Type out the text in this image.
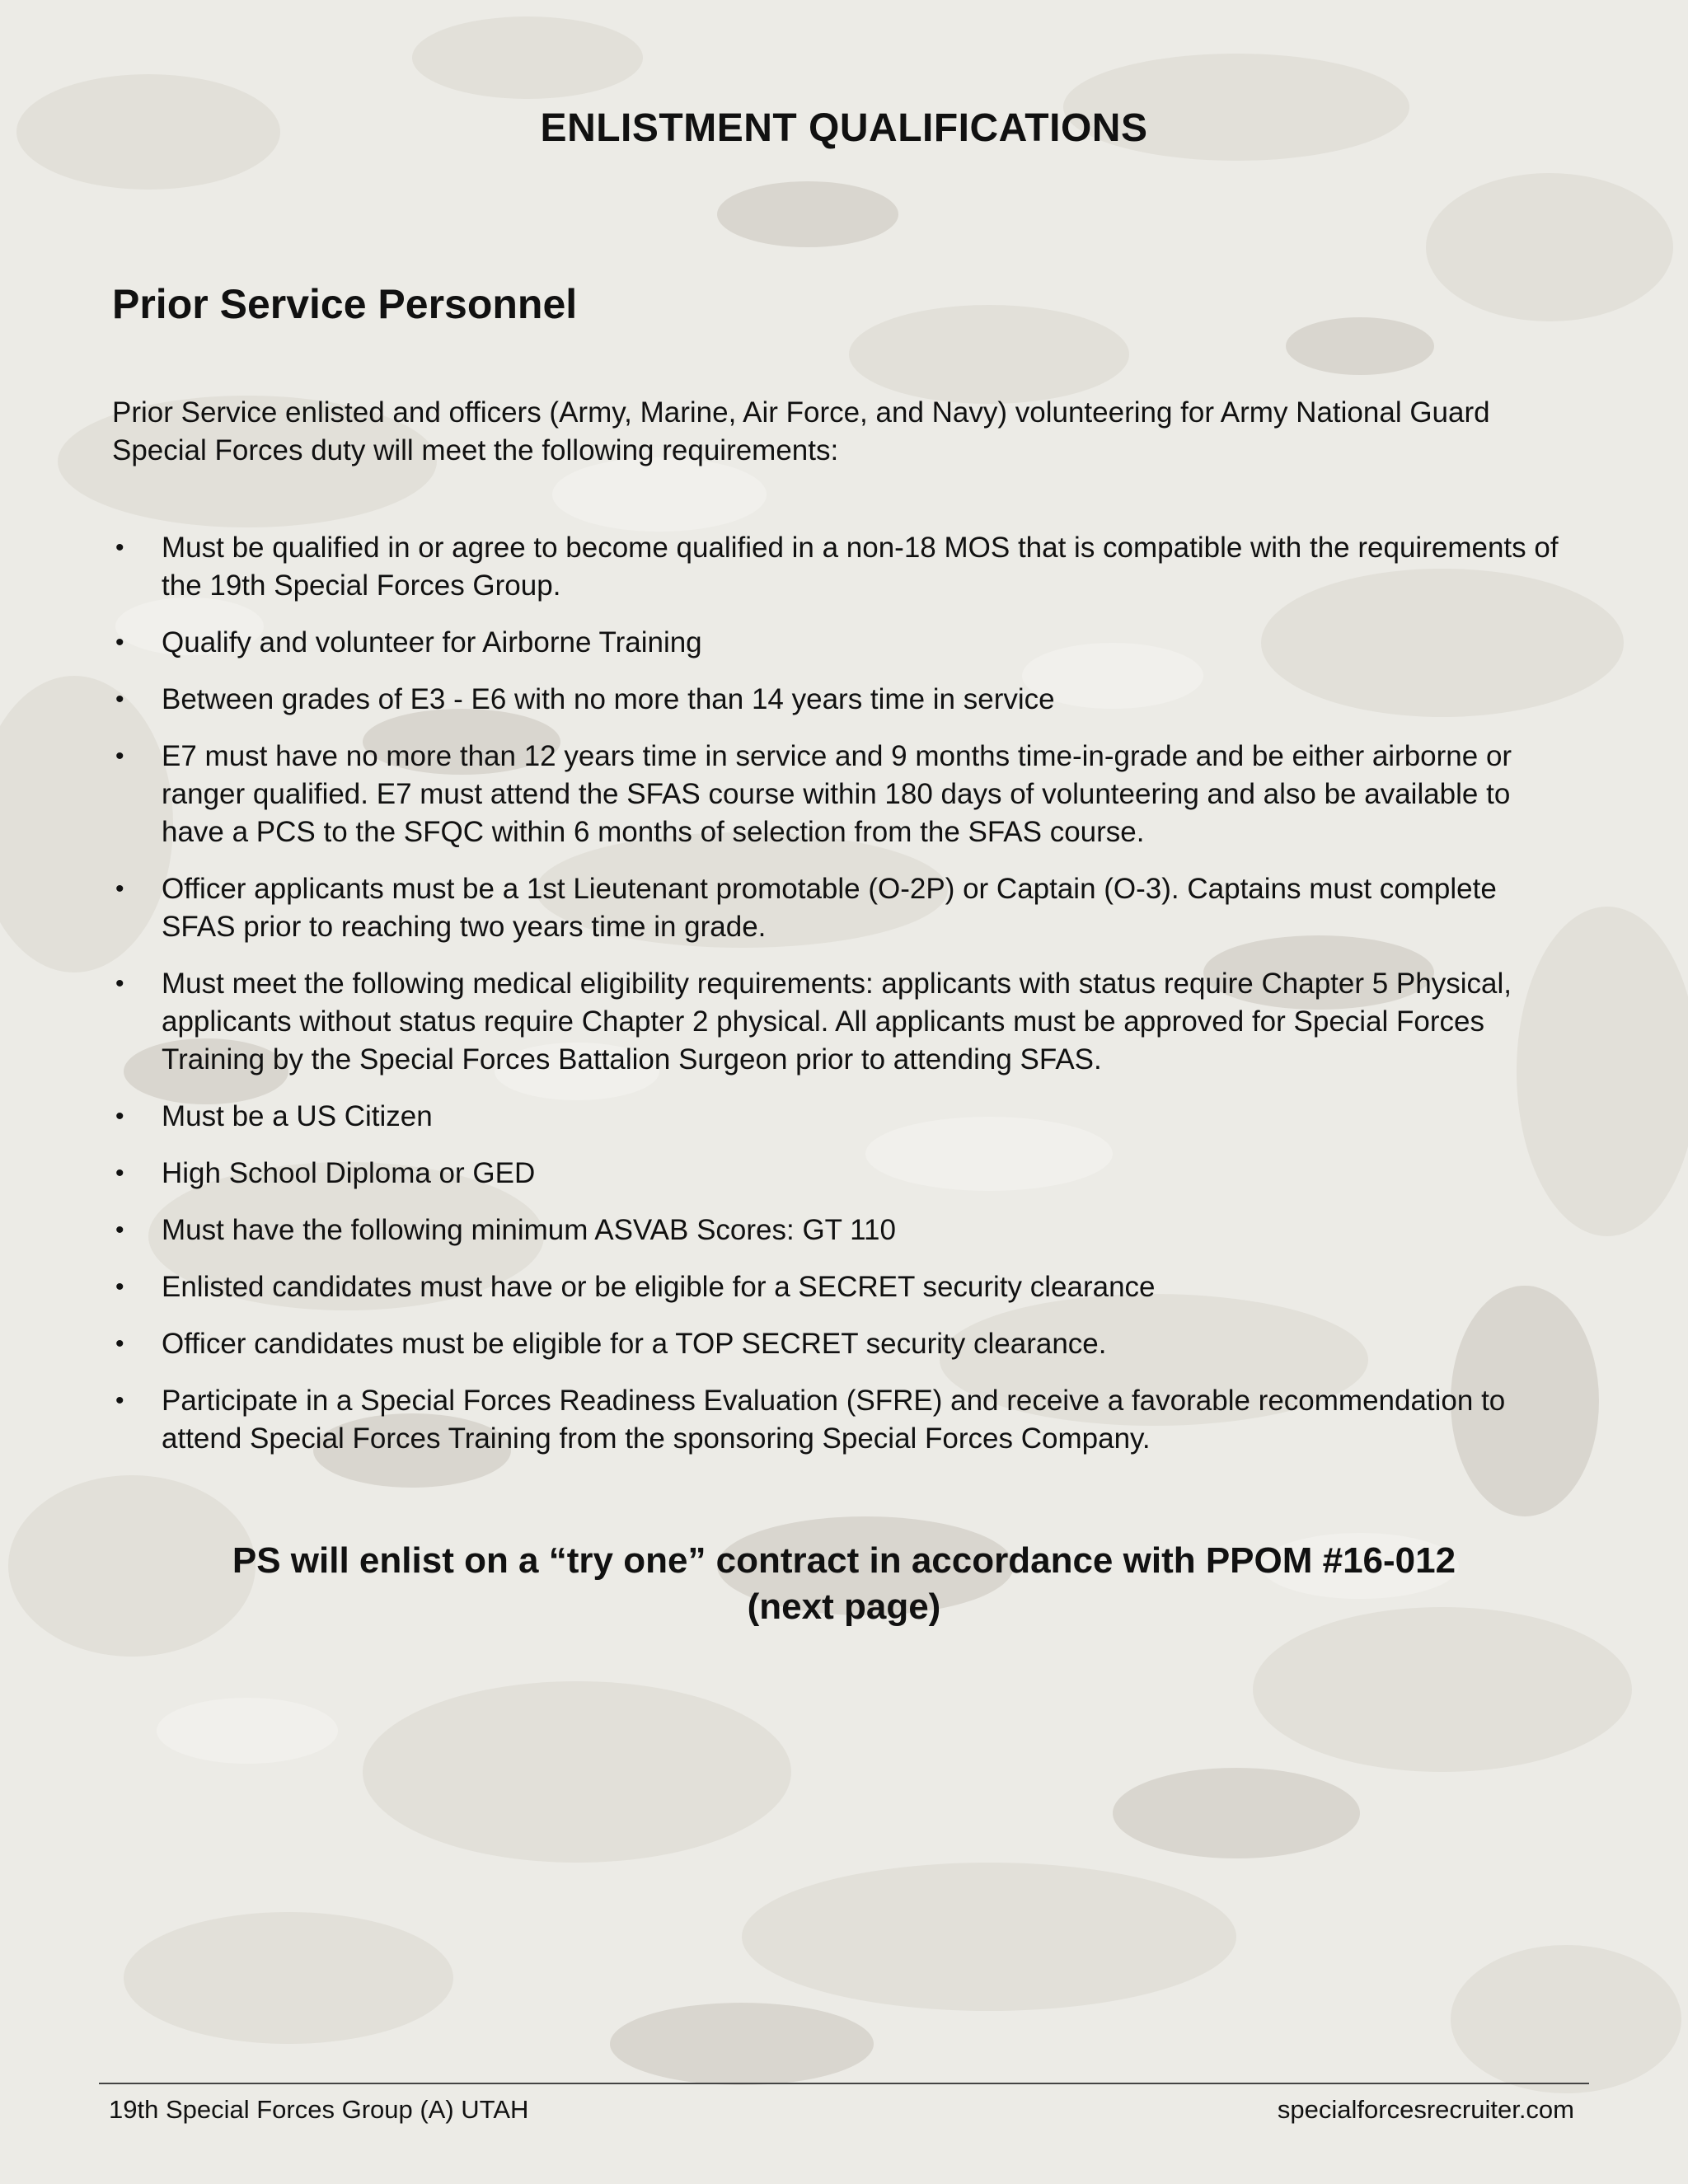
ENLISTMENT QUALIFICATIONS
Prior Service Personnel

Prior Service enlisted and officers (Army, Marine, Air Force, and Navy) volunteering for Army National Guard Special Forces duty will meet the following requirements:

• Must be qualified in or agree to become qualified in a non-18 MOS that is compatible with the requirements of the 19th Special Forces Group.
• Qualify and volunteer for Airborne Training
• Between grades of E3 - E6 with no more than 14 years time in service
• E7 must have no more than 12 years time in service and 9 months time-in-grade and be either airborne or ranger qualified. E7 must attend the SFAS course within 180 days of volunteering and also be available to have a PCS to the SFQC within 6 months of selection from the SFAS course.
• Officer applicants must be a 1st Lieutenant promotable (O-2P) or Captain (O-3). Captains must complete SFAS prior to reaching two years time in grade.
• Must meet the following medical eligibility requirements: applicants with status require Chapter 5 Physical, applicants without status require Chapter 2 physical. All applicants must be approved for Special Forces Training by the Special Forces Battalion Surgeon prior to attending SFAS.
• Must be a US Citizen
• High School Diploma or GED
• Must have the following minimum ASVAB Scores: GT 110
• Enlisted candidates must have or be eligible for a SECRET security clearance
• Officer candidates must be eligible for a TOP SECRET security clearance.
• Participate in a Special Forces Readiness Evaluation (SFRE) and receive a favorable recommendation to attend Special Forces Training from the sponsoring Special Forces Company.

PS will enlist on a “try one” contract in accordance with PPOM #16-012
(next page)

19th Special Forces Group (A) UTAH	specialforcesrecruiter.com
